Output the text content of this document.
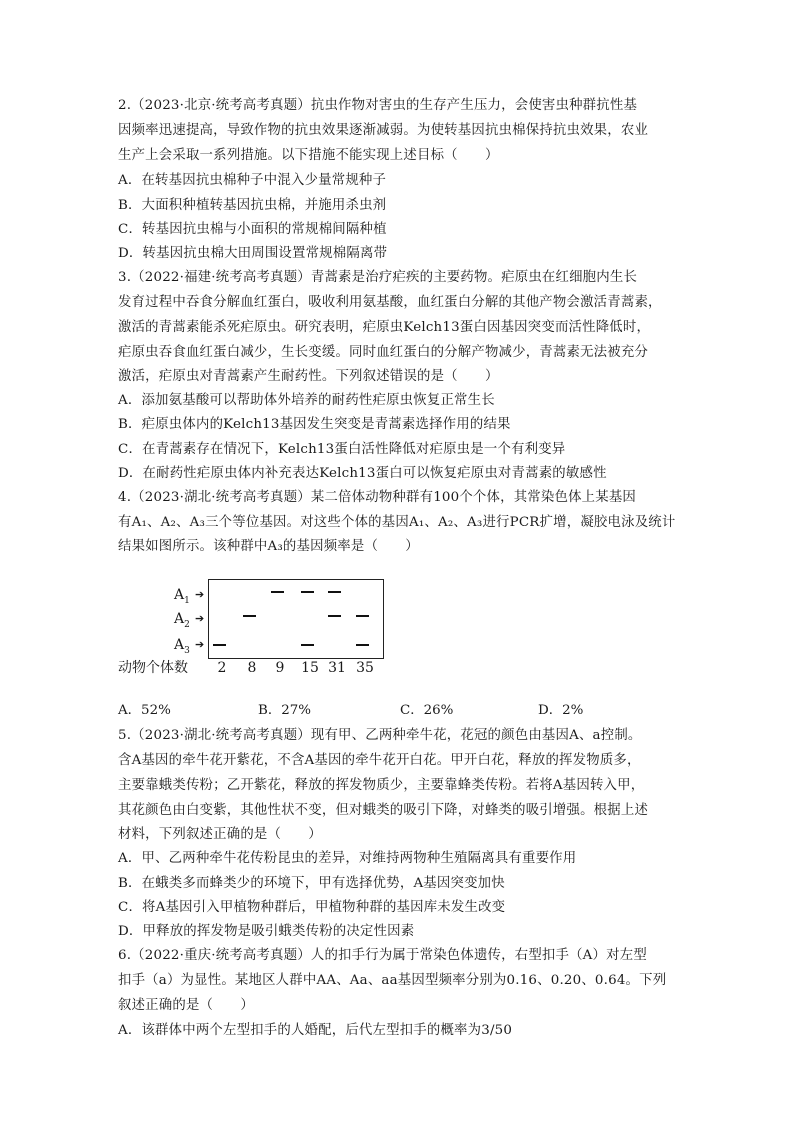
2.（2023·北京·统考高考真题）抗虫作物对害虫的生存产生压力，会使害虫种群抗性基
因频率迅速提高，导致作物的抗虫效果逐渐减弱。为使转基因抗虫棉保持抗虫效果，农业
生产上会采取一系列措施。以下措施不能实现上述目标（　　）
A．在转基因抗虫棉种子中混入少量常规种子
B．大面积种植转基因抗虫棉，并施用杀虫剂
C．转基因抗虫棉与小面积的常规棉间隔种植
D．转基因抗虫棉大田周围设置常规棉隔离带
3.（2022·福建·统考高考真题）青蒿素是治疗疟疾的主要药物。疟原虫在红细胞内生长
发育过程中吞食分解血红蛋白，吸收利用氨基酸，血红蛋白分解的其他产物会激活青蒿素，
激活的青蒿素能杀死疟原虫。研究表明，疟原虫Kelch13蛋白因基因突变而活性降低时，
疟原虫吞食血红蛋白减少，生长变缓。同时血红蛋白的分解产物减少，青蒿素无法被充分
激活，疟原虫对青蒿素产生耐药性。下列叙述错误的是（　　）
A．添加氨基酸可以帮助体外培养的耐药性疟原虫恢复正常生长
B．疟原虫体内的Kelch13基因发生突变是青蒿素选择作用的结果
C．在青蒿素存在情况下，Kelch13蛋白活性降低对疟原虫是一个有利变异
D．在耐药性疟原虫体内补充表达Kelch13蛋白可以恢复疟原虫对青蒿素的敏感性
4.（2023·湖北·统考高考真题）某二倍体动物种群有100个个体，其常染色体上某基因
有A₁、A₂、A₃三个等位基因。对这些个体的基因A₁、A₂、A₃进行PCR扩增，凝胶电泳及统计
结果如图所示。该种群中A₃的基因频率是（　　）
$A_1$ ➔
$A_2$ ➔
$A_3$ ➔
动物个体数	2	8	9	15 31 35
A．52%	B．27%	C．26%	D．2%
5.（2023·湖北·统考高考真题）现有甲、乙两种牵牛花，花冠的颜色由基因A、a控制。
含A基因的牵牛花开紫花，不含A基因的牵牛花开白花。甲开白花，释放的挥发物质多，
主要靠蛾类传粉；乙开紫花，释放的挥发物质少，主要靠蜂类传粉。若将A基因转入甲，
其花颜色由白变紫，其他性状不变，但对蛾类的吸引下降，对蜂类的吸引增强。根据上述
材料，下列叙述正确的是（　　）
A．甲、乙两种牵牛花传粉昆虫的差异，对维持两物种生殖隔离具有重要作用
B．在蛾类多而蜂类少的环境下，甲有选择优势，A基因突变加快
C．将A基因引入甲植物种群后，甲植物种群的基因库未发生改变
D．甲释放的挥发物是吸引蛾类传粉的决定性因素
6.（2022·重庆·统考高考真题）人的扣手行为属于常染色体遗传，右型扣手（A）对左型
扣手（a）为显性。某地区人群中AA、Aa、aa基因型频率分别为0.16、0.20、0.64。下列
叙述正确的是（　　）
A．该群体中两个左型扣手的人婚配，后代左型扣手的概率为3/50
